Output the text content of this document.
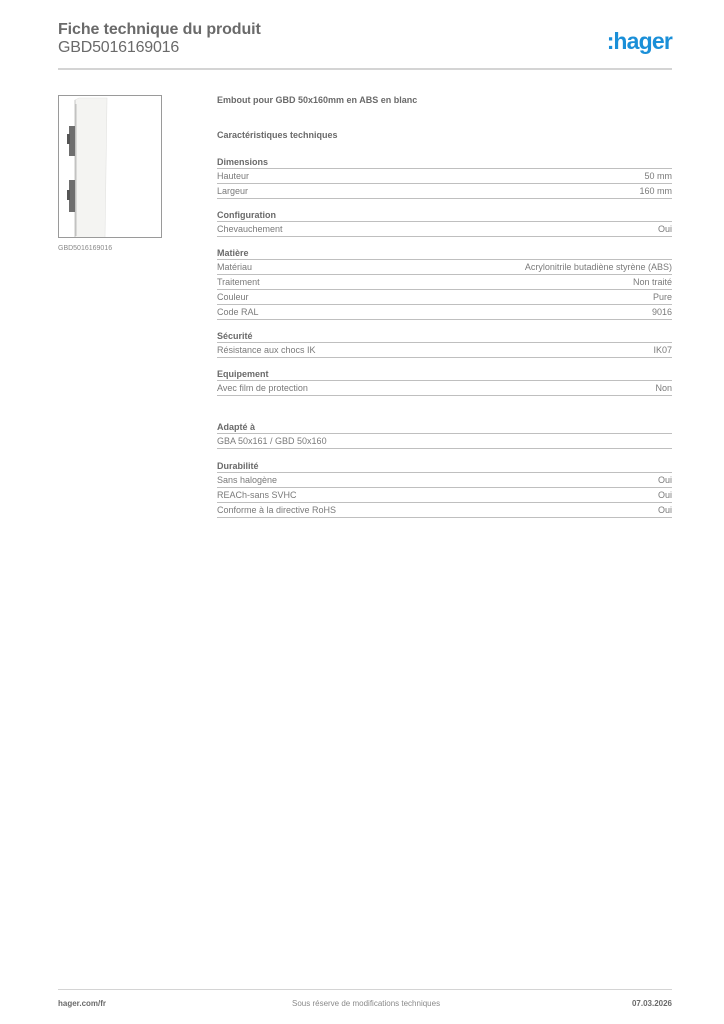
Fiche technique du produit
GBD5016169016	:hager
GBD5016169016
Embout pour GBD 50x160mm en ABS en blanc
Caractéristiques techniques
Dimensions
Hauteur	50 mm
Largeur	160 mm
Configuration
Chevauchement	Oui
Matière
Matériau	Acrylonitrile butadiène styrène (ABS)
Traitement	Non traité
Couleur	Pure
Code RAL	9016
Sécurité
Résistance aux chocs IK	IK07
Equipement
Avec film de protection	Non
Adapté à
GBA 50x161 / GBD 50x160
Durabilité
Sans halogène	Oui
REACh-sans SVHC	Oui
Conforme à la directive RoHS	Oui
hager.com/fr	Sous réserve de modifications techniques	07.03.2026
